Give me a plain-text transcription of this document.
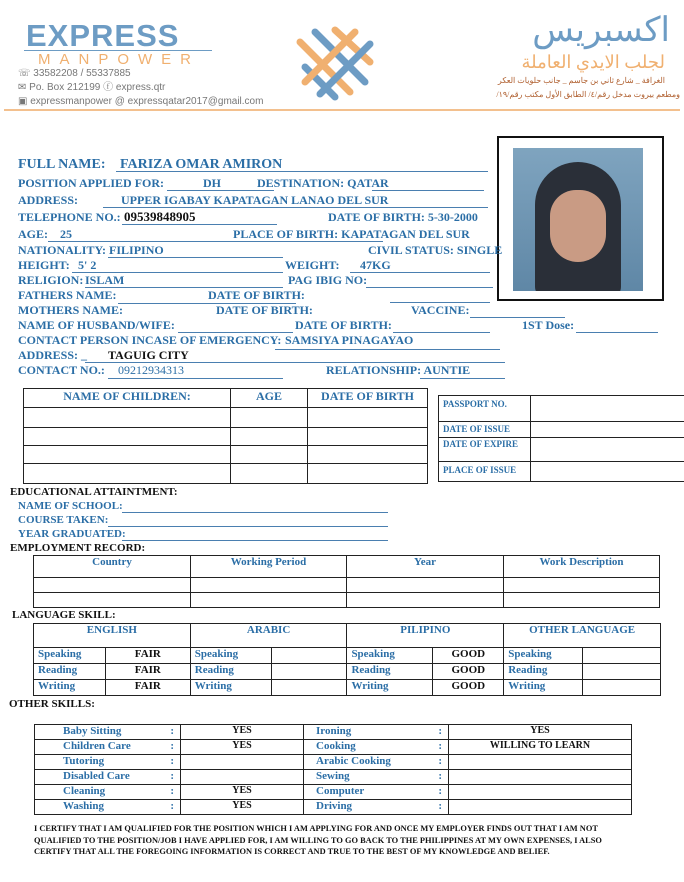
EXPRESS
MANPOWER
☏ 33582208 / 55337885
✉ Po. Box 212199 ⓕ express.qtr
▣ expressmanpower @ expressqatar2017@gmail.com
اكسبريس
لجلب الايدي العاملة
الغرافة _ شارع ثاني بن جاسم _ جانب حلويات العكر
ومطعم بيروت مدخل رقم/٤/ الطابق الأول مكتب رقم/١٩/
FULL NAME: FARIZA OMAR AMIRON
POSITION APPLIED FOR:	DH	DESTINATION: QATAR
ADDRESS:	UPPER IGABAY KAPATAGAN LANAO DEL SUR
TELEPHONE NO.: 09539848905	DATE OF BIRTH: 5-30-2000
AGE: 25	PLACE OF BIRTH: KAPATAGAN DEL SUR
NATIONALITY: FILIPINO	CIVIL STATUS: SINGLE
HEIGHT: 5' 2	WEIGHT: 47KG
RELIGION: ISLAM	PAG IBIG NO:
FATHERS NAME:	DATE OF BIRTH:
MOTHERS NAME:	DATE OF BIRTH:	VACCINE:
NAME OF HUSBAND/WIFE:	DATE OF BIRTH:	1ST Dose:
CONTACT PERSON INCASE OF EMERGENCY: SAMSIYA PINAGAYAO
ADDRESS: _ TAGUIG CITY
CONTACT NO.: 09212934313	RELATIONSHIP: AUNTIE
NAME OF CHILDREN:	AGE	DATE OF BIRTH

PASSPORT NO.	
DATE OF ISSUE	
DATE OF EXPIRE	
PLACE OF ISSUE	
EDUCATIONAL ATTAINTMENT:
NAME OF SCHOOL:
COURSE TAKEN:
YEAR GRADUATED:
EMPLOYMENT RECORD:
Country	Working Period	Year	Work Description

LANGUAGE SKILL:
ENGLISH		ARABIC		PILIPINO		OTHER LANGUAGE	
Speaking	FAIR	Speaking		Speaking	GOOD	Speaking	
Reading	FAIR	Reading		Reading	GOOD	Reading	
Writing	FAIR	Writing		Writing	GOOD	Writing	
OTHER SKILLS:
Baby Sitting :	YES	Ironing :	YES
Children Care :	YES	Cooking :	WILLING TO LEARN
Tutoring :		Arabic Cooking :	

Disabled Care :		Sewing :	

Cleaning :	YES	Computer :	

Washing :	YES	Driving :	

I CERTIFY THAT I AM QUALIFIED FOR THE POSITION WHICH I AM APPLYING FOR AND ONCE MY EMPLOYER FINDS OUT THAT I AM NOT QUALIFIED TO THE POSITION/JOB I HAVE APPLIED FOR, I AM WILLING TO GO BACK TO THE PHILIPPINES AT MY OWN EXPENSES, I ALSO CERTIFY THAT ALL THE FOREGOING INFORMATION IS CORRECT AND TRUE TO THE BEST OF MY KNOWLEDGE AND BELIEF.
